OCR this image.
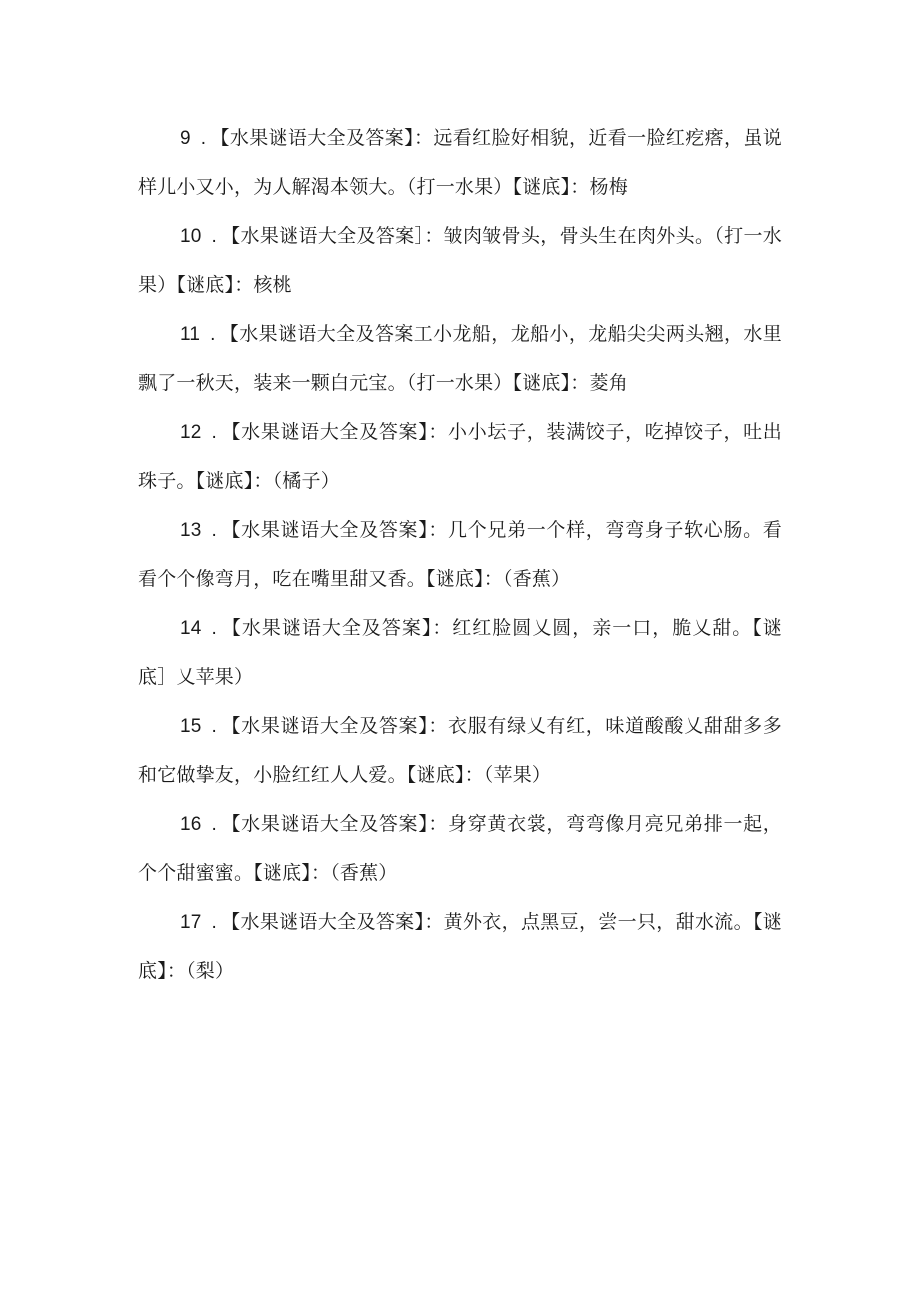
9 . 【水果谜语大全及答案】：远看红脸好相貌，近看一脸红疙瘩，虽说样儿小又小，为人解渴本领大。（打一水果）【谜底】：杨梅
10 . 【水果谜语大全及答案］：皱肉皱骨头，骨头生在肉外头。（打一水果）【谜底】：核桃
11 . 【水果谜语大全及答案工小龙船，龙船小，龙船尖尖两头翘，水里飘了一秋天，装来一颗白元宝。（打一水果）【谜底】：菱角
12 . 【水果谜语大全及答案】：小小坛子，装满饺子，吃掉饺子，吐出珠子。【谜底】：（橘子）
13 . 【水果谜语大全及答案】：几个兄弟一个样，弯弯身子软心肠。看看个个像弯月，吃在嘴里甜又香。【谜底】：（香蕉）
14 . 【水果谜语大全及答案】：红红脸圆乂圆，亲一口，脆乂甜。【谜底］乂苹果）
15 . 【水果谜语大全及答案】：衣服有绿乂有红，味道酸酸乂甜甜多多和它做挚友，小脸红红人人爱。【谜底】：（苹果）
16 . 【水果谜语大全及答案】：身穿黄衣裳，弯弯像月亮兄弟排一起，个个甜蜜蜜。【谜底】：（香蕉）
17 . 【水果谜语大全及答案】：黄外衣，点黑豆，尝一只，甜水流。【谜底】：（梨）
